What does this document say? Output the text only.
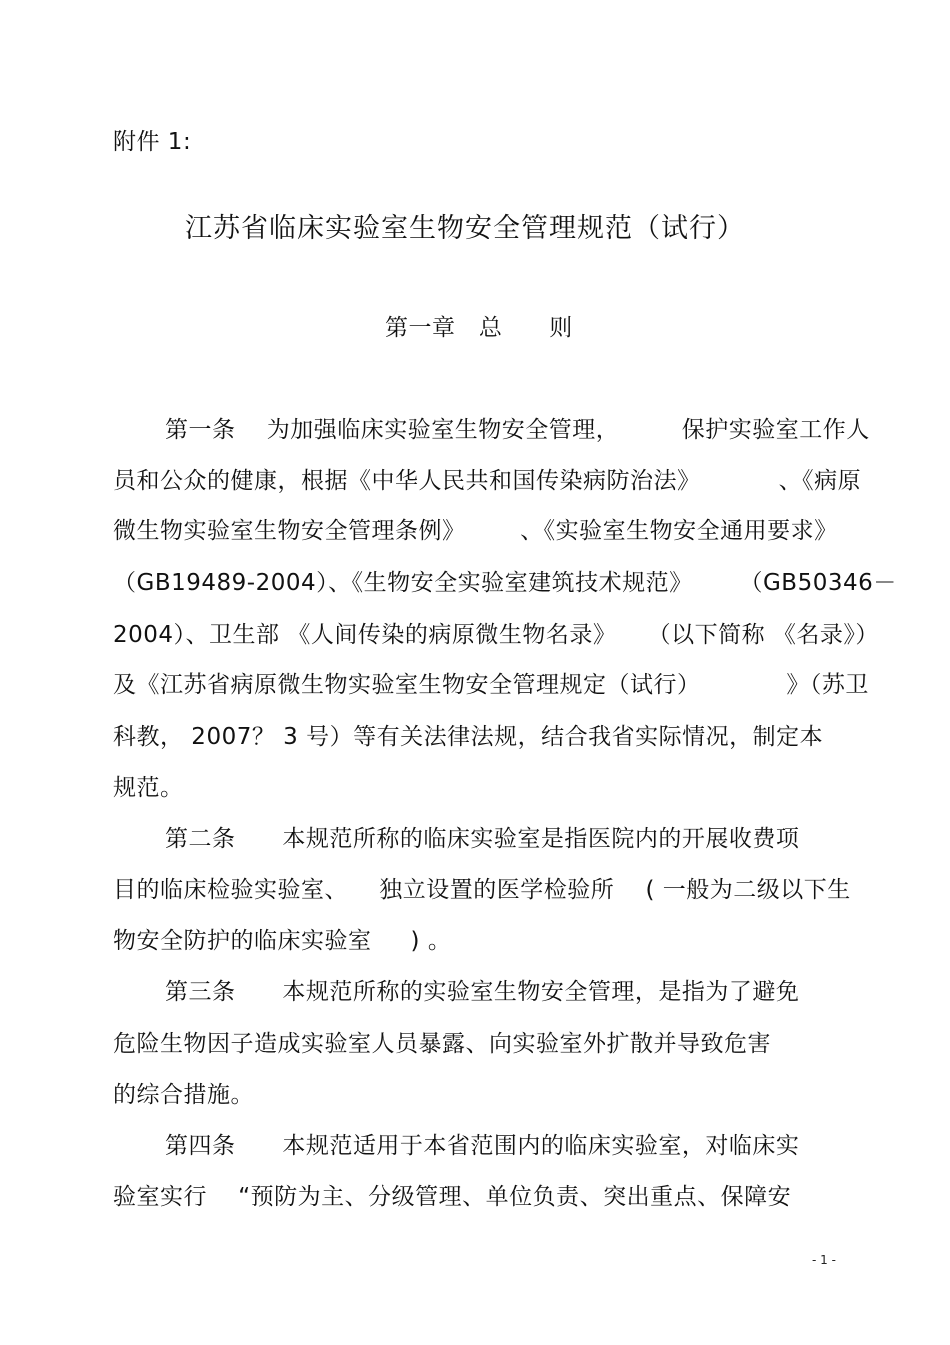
附件 1:
江苏省临床实验室生物安全管理规范（试行）
第一章   总      则
第一条    为加强临床实验室生物安全管理，        保护实验室工作人
员和公众的健康，根据《中华人民共和国传染病防治法》          、《病原
微生物实验室生物安全管理条例》       、《实验室生物安全通用要求》
（GB19489-2004）、《生物安全实验室建筑技术规范》      （GB50346－
2004）、卫生部 《人间传染的病原微生物名录》    （以下简称 《名录》）
及《江苏省病原微生物实验室生物安全管理规定（试行）           》（苏卫
科教， 2007？ 3 号）等有关法律法规，结合我省实际情况，制定本
规范。
第二条      本规范所称的临床实验室是指医院内的开展收费项
目的临床检验实验室、    独立设置的医学检验所    ( 一般为二级以下生
物安全防护的临床实验室     ) 。
第三条      本规范所称的实验室生物安全管理，是指为了避免
危险生物因子造成实验室人员暴露、向实验室外扩散并导致危害
的综合措施。
第四条      本规范适用于本省范围内的临床实验室，对临床实
验室实行    “预防为主、分级管理、单位负责、突出重点、保障安
- 1 -
